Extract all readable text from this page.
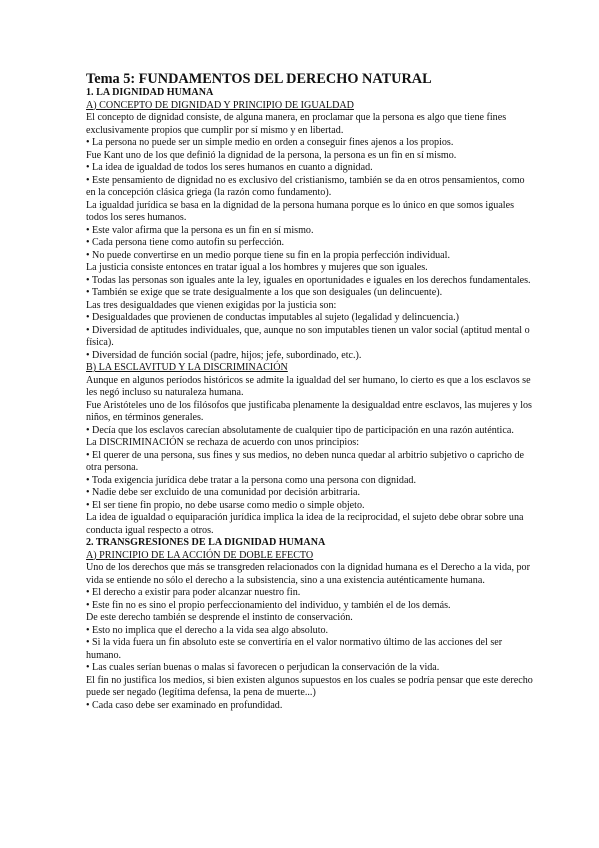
Tema 5: FUNDAMENTOS DEL DERECHO NATURAL
1. LA DIGNIDAD HUMANA
A) CONCEPTO DE DIGNIDAD Y PRINCIPIO DE IGUALDAD
El concepto de dignidad consiste, de alguna manera, en proclamar que la persona es algo que tiene fines exclusivamente propios que cumplir por sí mismo y en libertad.
• La persona no puede ser un simple medio en orden a conseguir fines ajenos a los propios.
Fue Kant uno de los que definió la dignidad de la persona, la persona es un fin en sí mismo.
• La idea de igualdad de todos los seres humanos en cuanto a dignidad.
• Este pensamiento de dignidad no es exclusivo del cristianismo, también se da en otros pensamientos, como en la concepción clásica griega (la razón como fundamento).
La igualdad jurídica se basa en la dignidad de la persona humana porque es lo único en que somos iguales todos los seres humanos.
• Este valor afirma que la persona es un fin en sí mismo.
• Cada persona tiene como autofin su perfección.
• No puede convertirse en un medio porque tiene su fin en la propia perfección individual.
La justicia consiste entonces en tratar igual a los hombres y mujeres que son iguales.
• Todas las personas son iguales ante la ley, iguales en oportunidades e iguales en los derechos fundamentales.
• También se exige que se trate desigualmente a los que son desiguales (un delincuente).
Las tres desigualdades que vienen exigidas por la justicia son:
• Desigualdades que provienen de conductas imputables al sujeto (legalidad y delincuencia.)
• Diversidad de aptitudes individuales, que, aunque no son imputables tienen un valor social (aptitud mental o física).
• Diversidad de función social (padre, hijos; jefe, subordinado, etc.).
B) LA ESCLAVITUD Y LA DISCRIMINACIÓN
Aunque en algunos períodos históricos se admite la igualdad del ser humano, lo cierto es que a los esclavos se les negó incluso su naturaleza humana.
Fue Aristóteles uno de los filósofos que justificaba plenamente la desigualdad entre esclavos, las mujeres y los niños, en términos generales.
• Decía que los esclavos carecían absolutamente de cualquier tipo de participación en una razón auténtica.
La DISCRIMINACIÓN se rechaza de acuerdo con unos principios:
• El querer de una persona, sus fines y sus medios, no deben nunca quedar al arbitrio subjetivo o capricho de otra persona.
• Toda exigencia jurídica debe tratar a la persona como una persona con dignidad.
• Nadie debe ser excluido de una comunidad por decisión arbitraria.
• El ser tiene fin propio, no debe usarse como medio o simple objeto.
La idea de igualdad o equiparación jurídica implica la idea de la reciprocidad, el sujeto debe obrar sobre una conducta igual respecto a otros.
2. TRANSGRESIONES DE LA DIGNIDAD HUMANA
A) PRINCIPIO DE LA ACCIÓN DE DOBLE EFECTO
Uno de los derechos que más se transgreden relacionados con la dignidad humana es el Derecho a la vida, por vida se entiende no sólo el derecho a la subsistencia, sino a una existencia auténticamente humana.
• El derecho a existir para poder alcanzar nuestro fin.
• Este fin no es sino el propio perfeccionamiento del individuo, y también el de los demás.
De este derecho también se desprende el instinto de conservación.
• Esto no implica que el derecho a la vida sea algo absoluto.
• Si la vida fuera un fin absoluto este se convertiría en el valor normativo último de las acciones del ser humano.
• Las cuales serían buenas o malas si favorecen o perjudican la conservación de la vida.
El fin no justifica los medios, si bien existen algunos supuestos en los cuales se podría pensar que este derecho puede ser negado (legítima defensa, la pena de muerte...)
• Cada caso debe ser examinado en profundidad.
